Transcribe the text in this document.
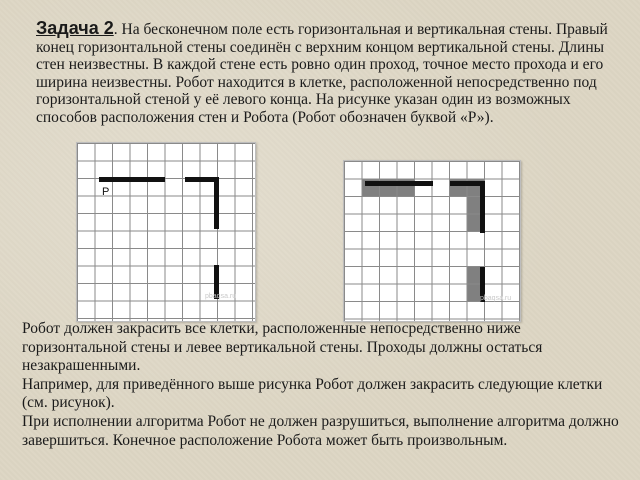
Задача 2. На бесконечном поле есть горизонтальная и вертикальная стены. Правый конец горизонтальной стены соединён с верхним концом вертикальной стены. Длины стен неизвестны. В каждой стене есть ровно один проход, точное место прохода и его ширина неизвестны. Робот находится в клетке, расположенной непосредственно под горизонтальной стеной у её левого конца. На рисунке указан один из возможных способов расположения стен и Робота (Робот обозначен буквой «Р»).

Р
pbaqsa.ru	pbaqsa.ru

Робот должен закрасить все клетки, расположенные непосредственно ниже горизонтальной стены и левее вертикальной стены. Проходы должны остаться незакрашенными.
Например, для приведённого выше рисунка Робот должен закрасить следующие клетки (см. рисунок).
При исполнении алгоритма Робот не должен разрушиться, выполнение алгоритма должно завершиться. Конечное расположение Робота может быть произвольным.
